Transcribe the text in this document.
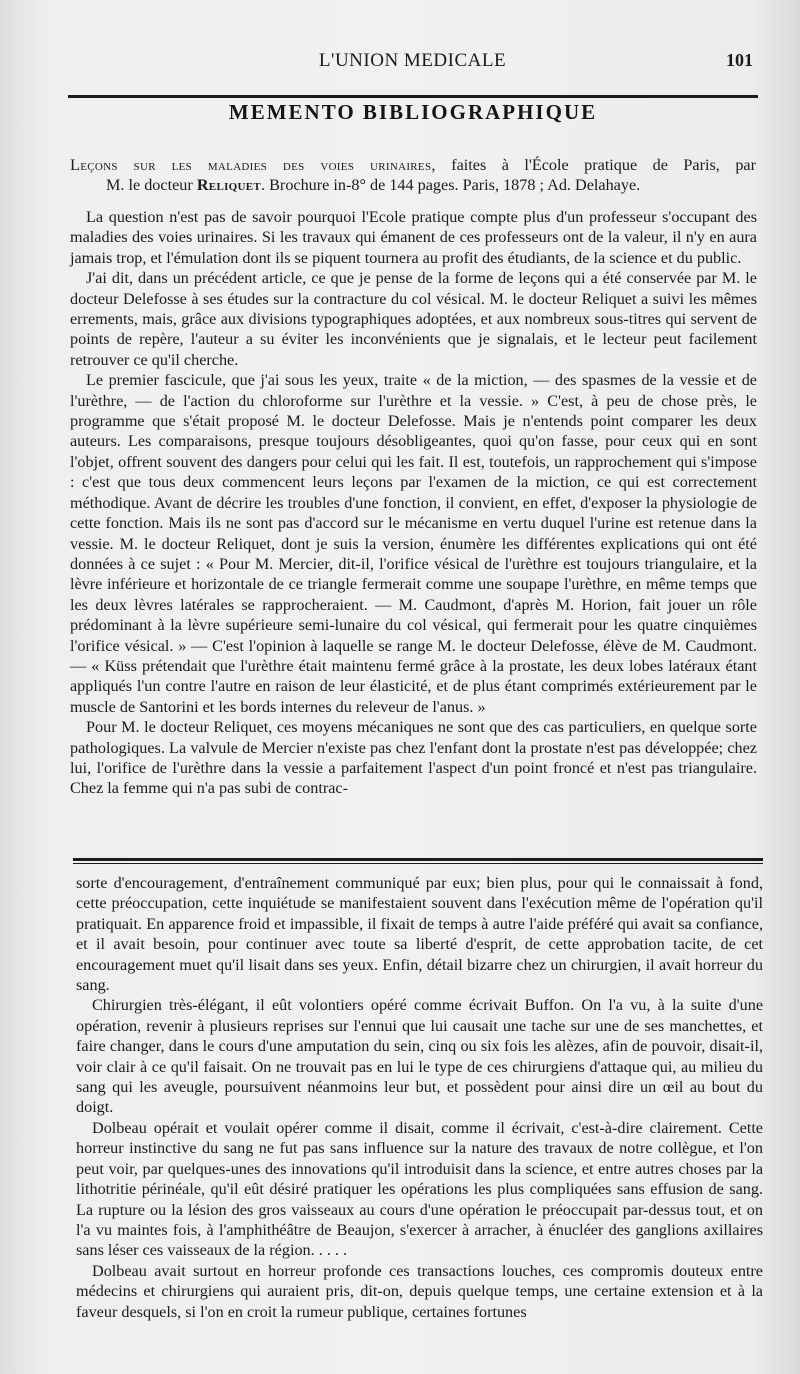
L'UNION MEDICALE	101
MEMENTO BIBLIOGRAPHIQUE
Leçons sur les maladies des voies urinaires, faites à l'École pratique de Paris, par
M. le docteur Reliquet. Brochure in-8° de 144 pages. Paris, 1878 ; Ad. Delahaye.

La question n'est pas de savoir pourquoi l'Ecole pratique compte plus d'un professeur s'occupant des maladies des voies urinaires. Si les travaux qui émanent de ces professeurs ont de la valeur, il n'y en aura jamais trop, et l'émulation dont ils se piquent tournera au profit des étudiants, de la science et du public.

J'ai dit, dans un précédent article, ce que je pense de la forme de leçons qui a été conservée par M. le docteur Delefosse à ses études sur la contracture du col vésical. M. le docteur Reliquet a suivi les mêmes errements, mais, grâce aux divisions typographiques adoptées, et aux nombreux sous-titres qui servent de points de repère, l'auteur a su éviter les inconvénients que je signalais, et le lecteur peut facilement retrouver ce qu'il cherche.

Le premier fascicule, que j'ai sous les yeux, traite « de la miction, — des spasmes de la vessie et de l'urèthre, — de l'action du chloroforme sur l'urèthre et la vessie. » C'est, à peu de chose près, le programme que s'était proposé M. le docteur Delefosse. Mais je n'entends point comparer les deux auteurs. Les comparaisons, presque toujours désobligeantes, quoi qu'on fasse, pour ceux qui en sont l'objet, offrent souvent des dangers pour celui qui les fait. Il est, toutefois, un rapprochement qui s'impose : c'est que tous deux commencent leurs leçons par l'examen de la miction, ce qui est correctement méthodique. Avant de décrire les troubles d'une fonction, il convient, en effet, d'exposer la physiologie de cette fonction. Mais ils ne sont pas d'accord sur le mécanisme en vertu duquel l'urine est retenue dans la vessie. M. le docteur Reliquet, dont je suis la version, énumère les différentes explications qui ont été données à ce sujet : « Pour M. Mercier, dit-il, l'orifice vésical de l'urèthre est toujours triangulaire, et la lèvre inférieure et horizontale de ce triangle fermerait comme une soupape l'urèthre, en même temps que les deux lèvres latérales se rapprocheraient. — M. Caudmont, d'après M. Horion, fait jouer un rôle prédominant à la lèvre supérieure semi-lunaire du col vésical, qui fermerait pour les quatre cinquièmes l'orifice vésical. » — C'est l'opinion à laquelle se range M. le docteur Delefosse, élève de M. Caudmont. — « Küss prétendait que l'urèthre était maintenu fermé grâce à la prostate, les deux lobes latéraux étant appliqués l'un contre l'autre en raison de leur élasticité, et de plus étant comprimés extérieurement par le muscle de Santorini et les bords internes du releveur de l'anus. »

Pour M. le docteur Reliquet, ces moyens mécaniques ne sont que des cas particuliers, en quelque sorte pathologiques. La valvule de Mercier n'existe pas chez l'enfant dont la prostate n'est pas développée; chez lui, l'orifice de l'urèthre dans la vessie a parfaitement l'aspect d'un point froncé et n'est pas triangulaire. Chez la femme qui n'a pas subi de contrac-

sorte d'encouragement, d'entraînement communiqué par eux; bien plus, pour qui le connaissait à fond, cette préoccupation, cette inquiétude se manifestaient souvent dans l'exécution même de l'opération qu'il pratiquait. En apparence froid et impassible, il fixait de temps à autre l'aide préféré qui avait sa confiance, et il avait besoin, pour continuer avec toute sa liberté d'esprit, de cette approbation tacite, de cet encouragement muet qu'il lisait dans ses yeux. Enfin, détail bizarre chez un chirurgien, il avait horreur du sang.

Chirurgien très-élégant, il eût volontiers opéré comme écrivait Buffon. On l'a vu, à la suite d'une opération, revenir à plusieurs reprises sur l'ennui que lui causait une tache sur une de ses manchettes, et faire changer, dans le cours d'une amputation du sein, cinq ou six fois les alèzes, afin de pouvoir, disait-il, voir clair à ce qu'il faisait. On ne trouvait pas en lui le type de ces chirurgiens d'attaque qui, au milieu du sang qui les aveugle, poursuivent néanmoins leur but, et possèdent pour ainsi dire un œil au bout du doigt.

Dolbeau opérait et voulait opérer comme il disait, comme il écrivait, c'est-à-dire clairement. Cette horreur instinctive du sang ne fut pas sans influence sur la nature des travaux de notre collègue, et l'on peut voir, par quelques-unes des innovations qu'il introduisit dans la science, et entre autres choses par la lithotritie périnéale, qu'il eût désiré pratiquer les opérations les plus compliquées sans effusion de sang. La rupture ou la lésion des gros vaisseaux au cours d'une opération le préoccupait par-dessus tout, et on l'a vu maintes fois, à l'amphithéâtre de Beaujon, s'exercer à arracher, à énucléer des ganglions axillaires sans léser ces vaisseaux de la région. . . . .

Dolbeau avait surtout en horreur profonde ces transactions louches, ces compromis douteux entre médecins et chirurgiens qui auraient pris, dit-on, depuis quelque temps, une certaine extension et à la faveur desquels, si l'on en croit la rumeur publique, certaines fortunes
